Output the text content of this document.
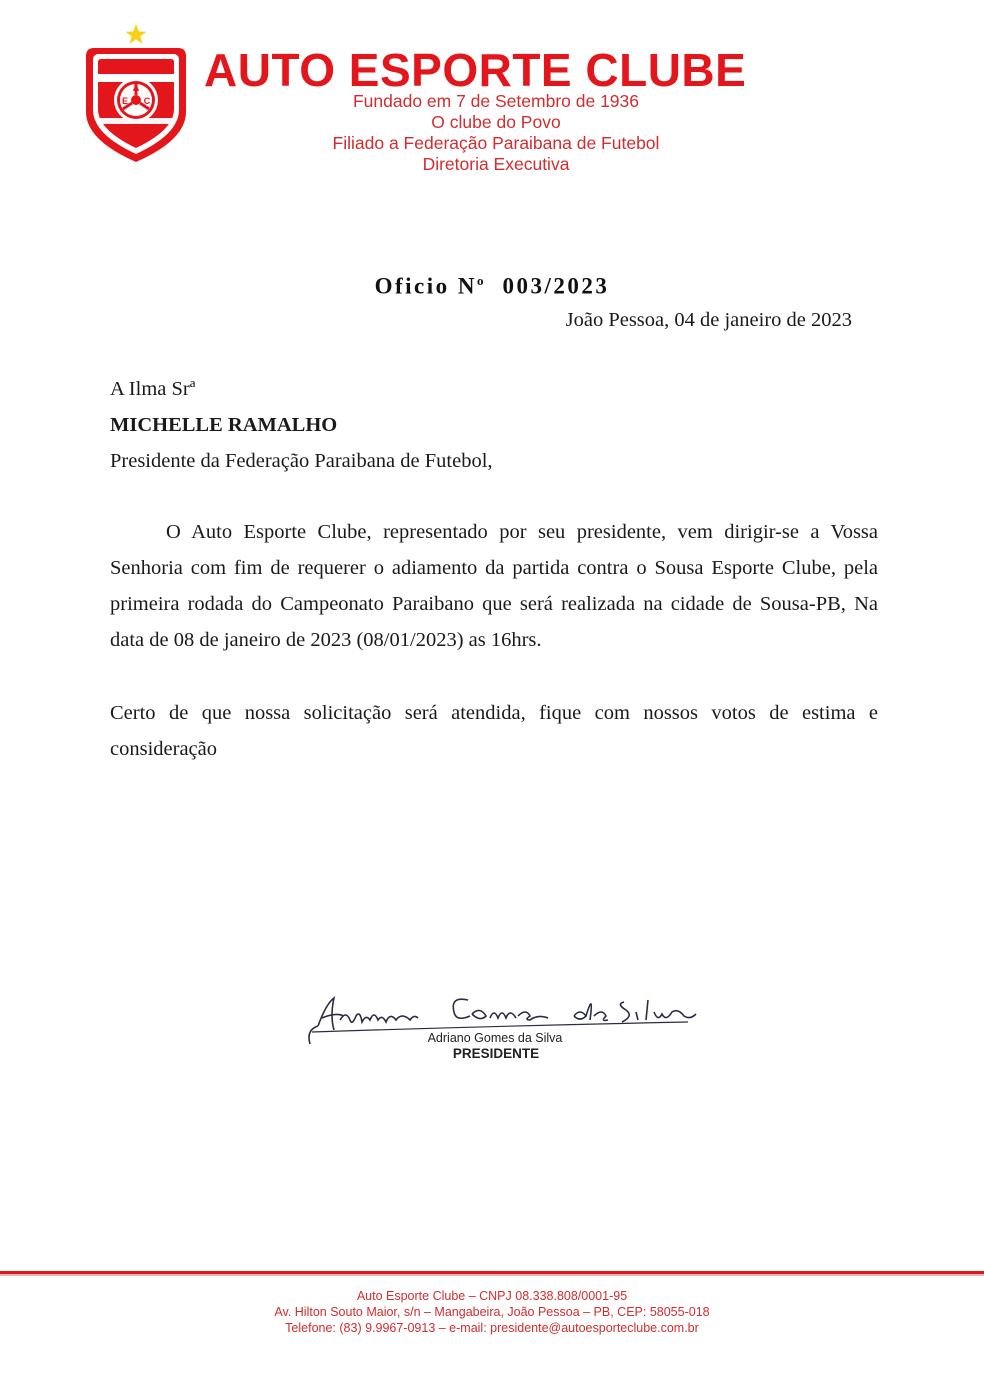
A
E C
AUTO ESPORTE CLUBE
Fundado em 7 de Setembro de 1936
O clube do Povo
Filiado a Federação Paraibana de Futebol
Diretoria Executiva
Oficio $N^o$ 003/2023
João Pessoa, 04 de janeiro de 2023
A Ilma Srª
MICHELLE RAMALHO
Presidente da Federação Paraibana de Futebol,
O Auto Esporte Clube, representado por seu presidente, vem dirigir-se a Vossa Senhoria com fim de requerer o adiamento da partida contra o Sousa Esporte Clube, pela primeira rodada do Campeonato Paraibano que será realizada na cidade de Sousa-PB, Na data de 08 de janeiro de 2023 (08/01/2023) as 16hrs.
Certo de que nossa solicitação será atendida, fique com nossos votos de estima e consideração
Adriano Gomes da Silva
PRESIDENTE
Auto Esporte Clube – CNPJ 08.338.808/0001-95
Av. Hilton Souto Maior, s/n – Mangabeira, João Pessoa – PB, CEP: 58055-018
Telefone: (83) 9.9967-0913 – e-mail: presidente@autoesporteclube.com.br
